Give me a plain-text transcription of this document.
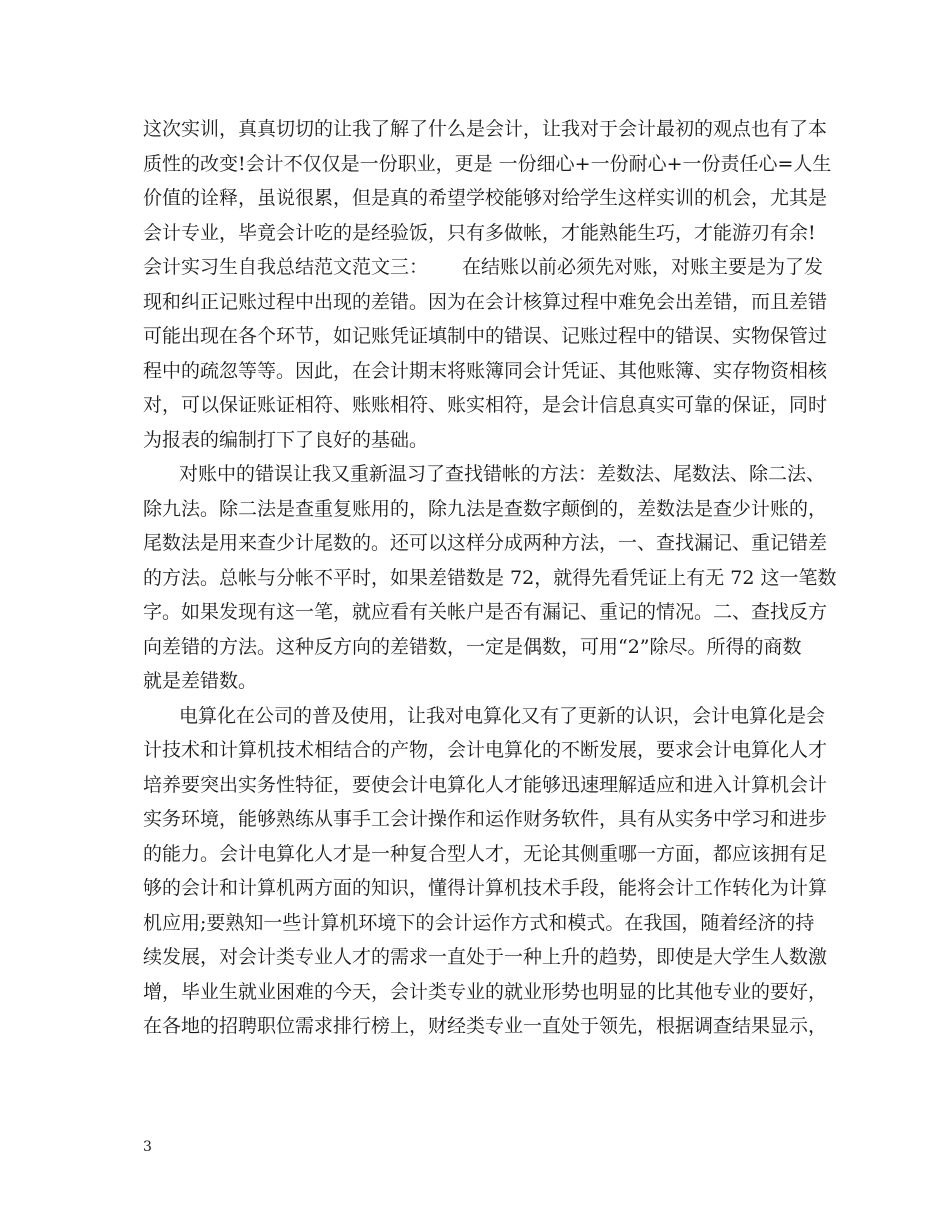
这次实训，真真切切的让我了解了什么是会计，让我对于会计最初的观点也有了本
质性的改变!会计不仅仅是一份职业，更是 一份细心+一份耐心+一份责任心=人生
价值的诠释，虽说很累，但是真的希望学校能够对给学生这样实训的机会，尤其是
会计专业，毕竟会计吃的是经验饭，只有多做帐，才能熟能生巧，才能游刃有余!
会计实习生自我总结范文范文三： 在结账以前必须先对账，对账主要是为了发
现和纠正记账过程中出现的差错。因为在会计核算过程中难免会出差错，而且差错
可能出现在各个环节，如记账凭证填制中的错误、记账过程中的错误、实物保管过
程中的疏忽等等。因此，在会计期末将账簿同会计凭证、其他账簿、实存物资相核
对，可以保证账证相符、账账相符、账实相符，是会计信息真实可靠的保证，同时
为报表的编制打下了良好的基础。
对账中的错误让我又重新温习了查找错帐的方法：差数法、尾数法、除二法、
除九法。除二法是查重复账用的，除九法是查数字颠倒的，差数法是查少计账的，
尾数法是用来查少计尾数的。还可以这样分成两种方法，一、查找漏记、重记错差
的方法。总帐与分帐不平时，如果差错数是 72，就得先看凭证上有无 72 这一笔数
字。如果发现有这一笔，就应看有关帐户是否有漏记、重记的情况。二、查找反方
向差错的方法。这种反方向的差错数，一定是偶数，可用“2”除尽。所得的商数
就是差错数。
电算化在公司的普及使用，让我对电算化又有了更新的认识，会计电算化是会
计技术和计算机技术相结合的产物，会计电算化的不断发展，要求会计电算化人才
培养要突出实务性特征，要使会计电算化人才能够迅速理解适应和进入计算机会计
实务环境，能够熟练从事手工会计操作和运作财务软件，具有从实务中学习和进步
的能力。会计电算化人才是一种复合型人才，无论其侧重哪一方面，都应该拥有足
够的会计和计算机两方面的知识，懂得计算机技术手段，能将会计工作转化为计算
机应用;要熟知一些计算机环境下的会计运作方式和模式。在我国，随着经济的持
续发展，对会计类专业人才的需求一直处于一种上升的趋势，即使是大学生人数激
增，毕业生就业困难的今天，会计类专业的就业形势也明显的比其他专业的要好，
在各地的招聘职位需求排行榜上，财经类专业一直处于领先，根据调查结果显示，
3
